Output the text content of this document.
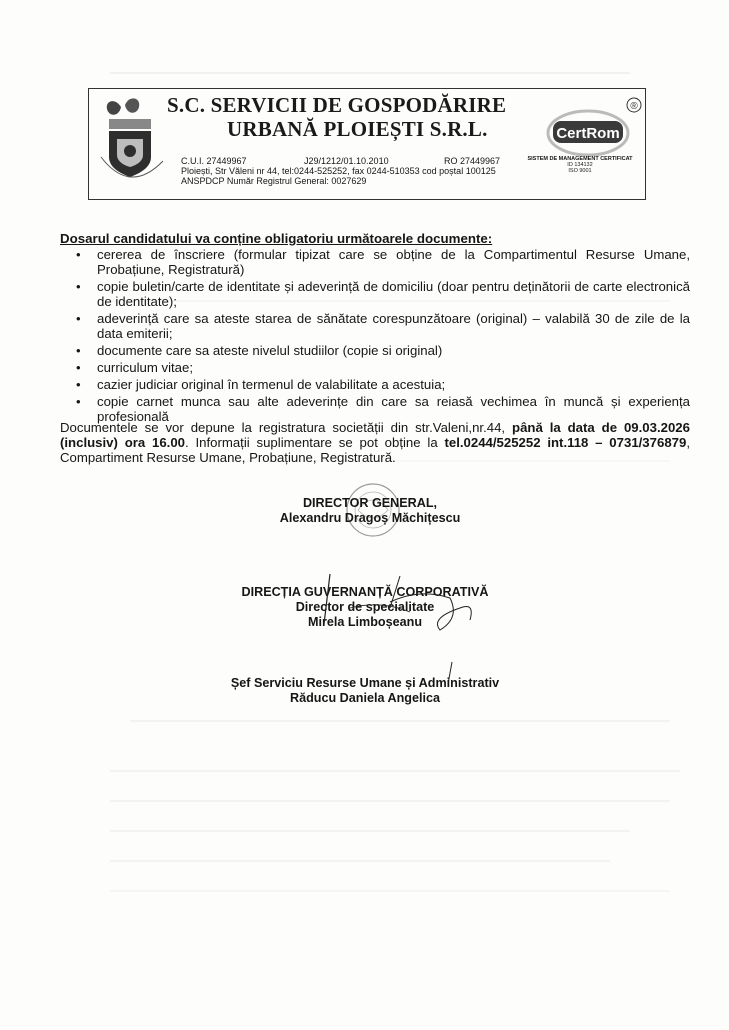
S.C. SERVICII DE GOSPODĂRIRE
URBANĂ PLOIEȘTI S.R.L.	CertRom
®
SISTEM DE MANAGEMENT CERTIFICAT
ID 134132
ISO 9001
C.U.I. 27449967	J29/1212/01.10.2010	RO 27449967
Ploiești, Str Văleni nr 44, tel:0244-525252, fax 0244-510353 cod poștal 100125
ANSPDCP Număr Registrul General: 0027629
Dosarul candidatului va conține obligatoriu următoarele documente:
• cererea de înscriere (formular tipizat care se obține de la Compartimentul Resurse Umane, Probațiune, Registratură)
• copie buletin/carte de identitate și adeverință de domiciliu (doar pentru deținătorii de carte electronică de identitate);
• adeverință care sa ateste starea de sănătate corespunzătoare (original) – valabilă 30 de zile de la data emiterii;
• documente care sa ateste nivelul studiilor (copie si original)
• curriculum vitae;
• cazier judiciar original în termenul de valabilitate a acestuia;
• copie carnet munca sau alte adeverințe din care sa reiasă vechimea în muncă și experiența profesională
Documentele se vor depune la registratura societății din str.Valeni,nr.44, până la data de 09.03.2026 (inclusiv) ora 16.00. Informații suplimentare se pot obține la tel.0244/525252 int.118 – 0731/376879, Compartiment Resurse Umane, Probațiune, Registratură.
DIRECTOR GENERAL,
Alexandru Dragoș Măchițescu
DIRECȚIA GUVERNANȚĂ CORPORATIVĂ
Director de specialitate
Mirela Limboșeanu
Șef Serviciu Resurse Umane și Administrativ
Răducu Daniela Angelica
